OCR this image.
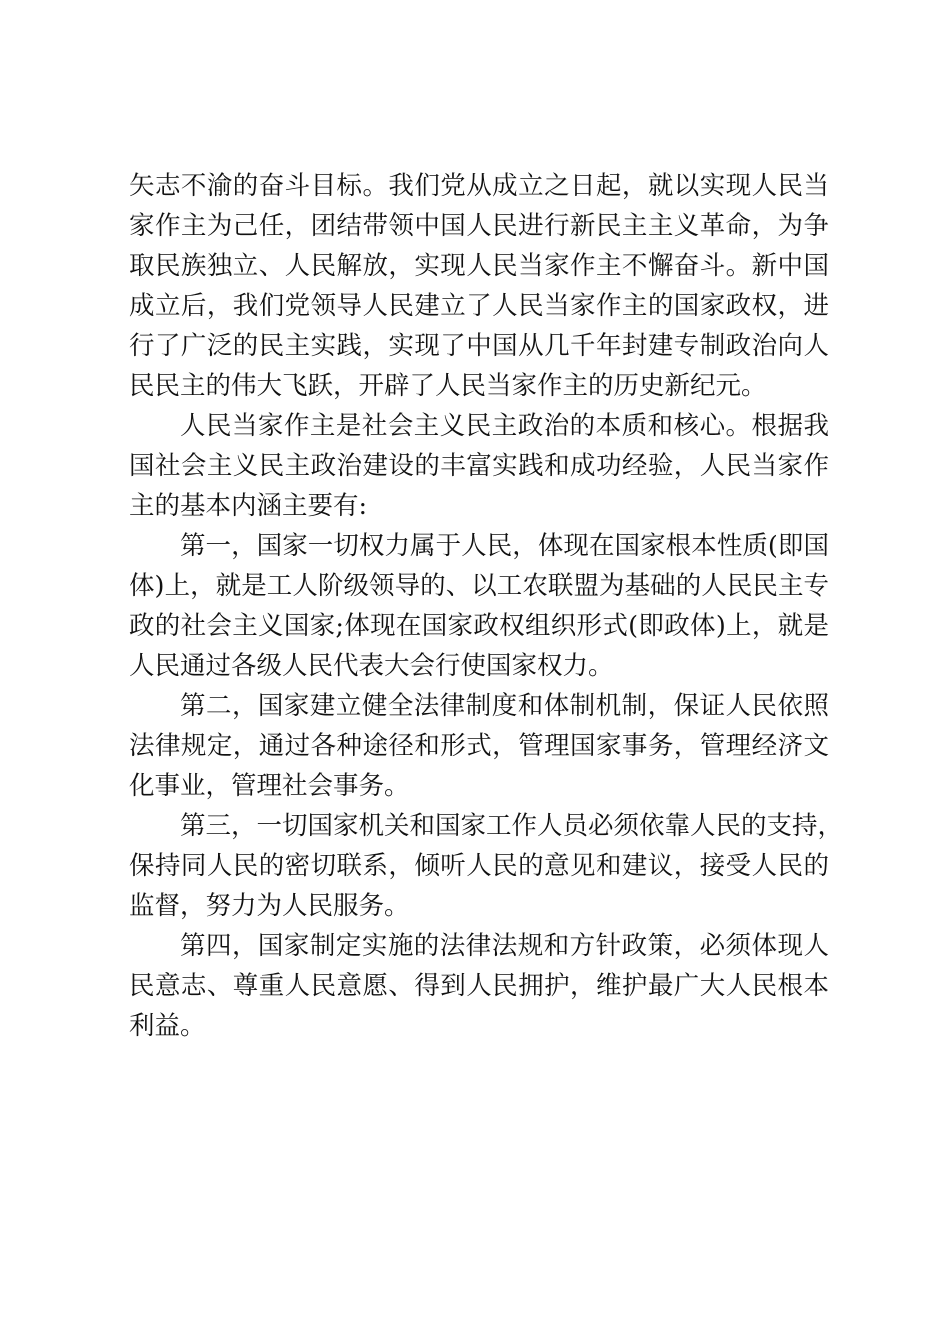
矢志不渝的奋斗目标。我们党从成立之日起，就以实现人民当
家作主为己任，团结带领中国人民进行新民主主义革命，为争
取民族独立、人民解放，实现人民当家作主不懈奋斗。新中国
成立后，我们党领导人民建立了人民当家作主的国家政权，进
行了广泛的民主实践，实现了中国从几千年封建专制政治向人
民民主的伟大飞跃，开辟了人民当家作主的历史新纪元。
人民当家作主是社会主义民主政治的本质和核心。根据我
国社会主义民主政治建设的丰富实践和成功经验，人民当家作
主的基本内涵主要有:
第一，国家一切权力属于人民，体现在国家根本性质(即国
体)上，就是工人阶级领导的、以工农联盟为基础的人民民主专
政的社会主义国家;体现在国家政权组织形式(即政体)上，就是
人民通过各级人民代表大会行使国家权力。
第二，国家建立健全法律制度和体制机制，保证人民依照
法律规定，通过各种途径和形式，管理国家事务，管理经济文
化事业，管理社会事务。
第三，一切国家机关和国家工作人员必须依靠人民的支持，
保持同人民的密切联系，倾听人民的意见和建议，接受人民的
监督，努力为人民服务。
第四，国家制定实施的法律法规和方针政策，必须体现人
民意志、尊重人民意愿、得到人民拥护，维护最广大人民根本
利益。
